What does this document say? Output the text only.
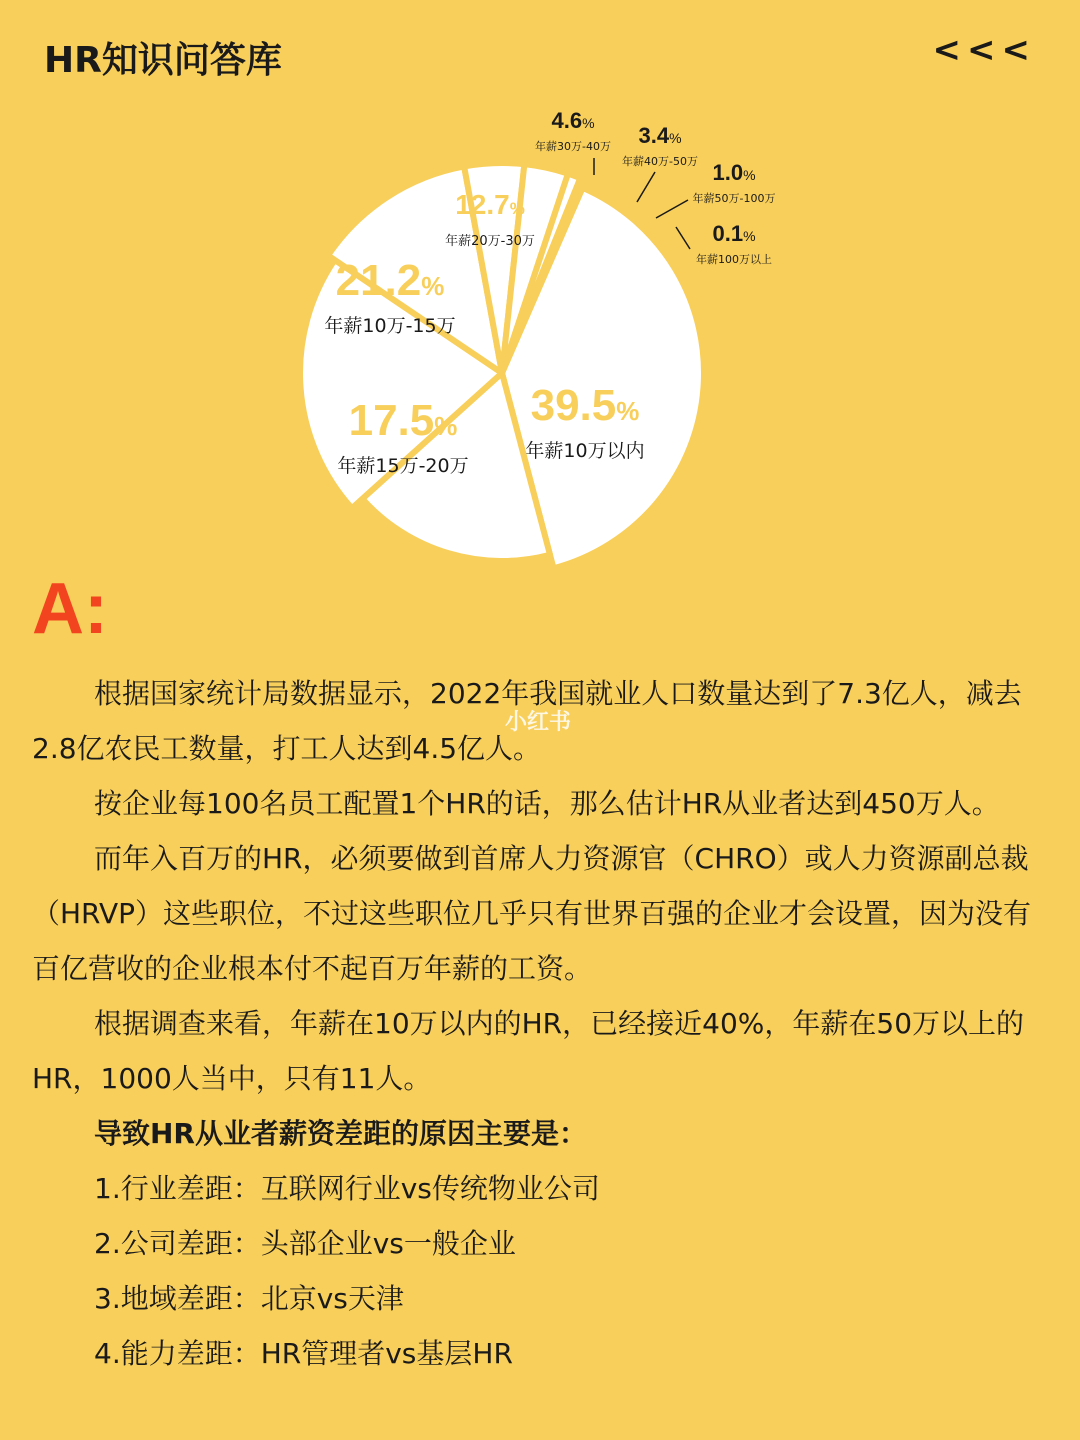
HR知识问答库	<<<
39.5%
年薪10万以内
17.5%
年薪15万-20万
21.2%
年薪10万-15万
12.7%
年薪20万-30万
4.6%
年薪30万-40万 3.4%
年薪40万-50万 1.0%
年薪50万-100万
0.1%
年薪100万以上
A:

根据国家统计局数据显示，2022年我国就业人口数量达到了7.3亿人，减去2.8亿农民工数量，打工人达到4.5亿人。

按企业每100名员工配置1个HR的话，那么估计HR从业者达到450万人。

而年入百万的HR，必须要做到首席人力资源官（CHRO）或人力资源副总裁（HRVP）这些职位，不过这些职位几乎只有世界百强的企业才会设置，因为没有百亿营收的企业根本付不起百万年薪的工资。

根据调查来看，年薪在10万以内的HR，已经接近40%，年薪在50万以上的HR，1000人当中，只有11人。

导致HR从业者薪资差距的原因主要是：

1.行业差距：互联网行业vs传统物业公司

2.公司差距：头部企业vs一般企业

3.地域差距：北京vs天津

4.能力差距：HR管理者vs基层HR

小红书
